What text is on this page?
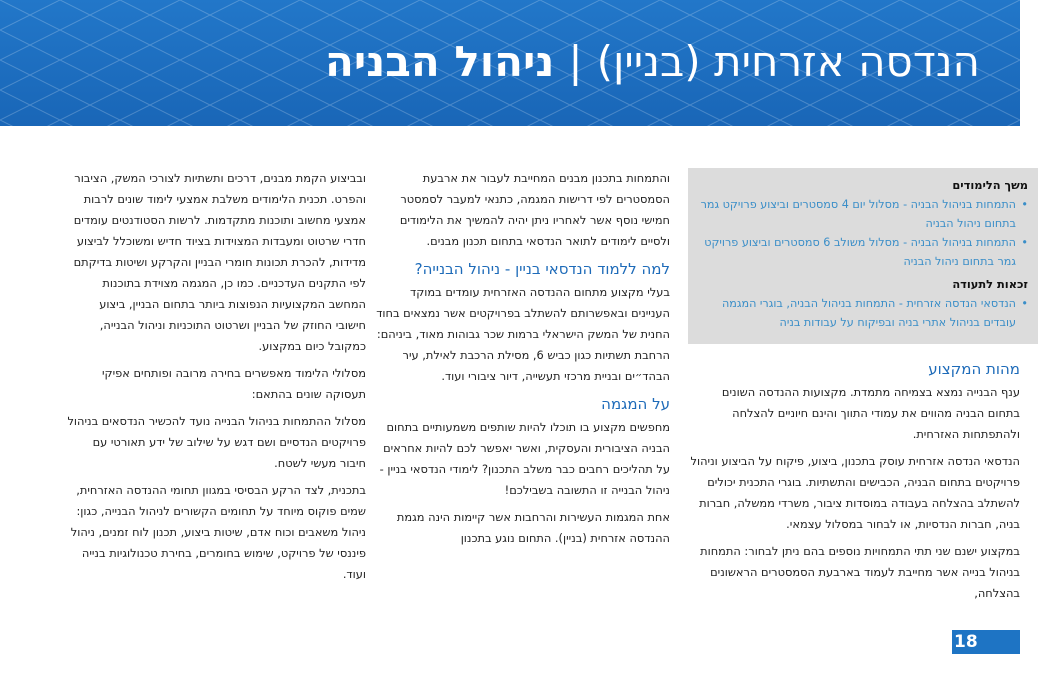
הנדסה אזרחית (בניין)|ניהול הבניה
משך הלימודים
• התמחות בניהול הבניה - מסלול יום 4 סמסטרים וביצוע פרויקט גמר בתחום ניהול הבניה
• התמחות בניהול הבניה - מסלול משולב 6 סמסטרים וביצוע פרויקט גמר בתחום ניהול הבניה
זכאות לתעודה
• הנדסאי הנדסה אזרחית - התמחות בניהול הבניה, בוגרי המגמה עובדים בניהול אתרי בניה ובפיקוח על עבודות בניה
מהות המקצוע

ענף הבנייה נמצא בצמיחה מתמדת. מקצועות ההנדסה השונים בתחום הבניה מהווים את עמודי התווך והינם חיוניים להצלחה ולהתפתחות האזרחית.

הנדסאי הנדסה אזרחית עוסק בתכנון, ביצוע, פיקוח על הביצוע וניהול פרויקטים בתחום הבניה, הכבישים והתשתיות. בוגרי התכנית יכולים להשתלב בהצלחה בעבודה במוסדות ציבור, משרדי ממשלה, חברות בניה, חברות הנדסיות, או לבחור במסלול עצמאי.

במקצוע ישנם שני תתי התמחויות נוספים בהם ניתן לבחור: התמחות בניהול בנייה אשר מחייבת לעמוד בארבעת הסמסטרים הראשונים בהצלחה,

והתמחות בתכנון מבנים המחייבת לעבור את ארבעת הסמסטרים לפי דרישות המגמה, כתנאי למעבר לסמסטר חמישי נוסף אשר לאחריו ניתן יהיה להמשיך את הלימודים ולסיים לימודים לתואר הנדסאי בתחום תכנון מבנים.

למה ללמוד הנדסאי בניין - ניהול הבנייה?

בעלי מקצוע מתחום ההנדסה האזרחית עומדים במוקד העניינים ובאפשרותם להשתלב בפרויקטים אשר נמצאים בחוד החנית של המשק הישראלי ברמות שכר גבוהות מאוד, ביניהם: הרחבת תשתיות כגון כביש 6, מסילת הרכבת לאילת, עיר הבהד״ים ובניית מרכזי תעשייה, דיור ציבורי ועוד.

על המגמה

מחפשים מקצוע בו תוכלו להיות שותפים משמעותיים בתחום הבניה הציבורית והעסקית, ואשר יאפשר לכם להיות אחראים על תהליכים רחבים כבר משלב התכנון? לימודי הנדסאי בניין - ניהול הבנייה זו התשובה בשבילכם!

אחת המגמות העשירות והרחבות אשר קיימות הינה מגמת ההנדסה אזרחית (בניין). התחום נוגע בתכנון

ובביצוע הקמת מבנים, דרכים ותשתיות לצורכי המשק, הציבור והפרט. תכנית הלימודים משלבת אמצעי לימוד שונים לרבות אמצעי מחשוב ותוכנות מתקדמות. לרשות הסטודנטים עומדים חדרי שרטוט ומעבדות המצוידות בציוד חדיש ומשוכלל לביצוע מדידות, להכרת תכונות חומרי הבניין והקרקע ושיטות בדיקתם לפי התקנים העדכניים. כמו כן, המגמה מצוידת בתוכנות המחשב המקצועיות הנפוצות ביותר בתחום הבניין, ביצוע חישובי החוזק של הבניין ושרטוט התוכניות וניהול הבנייה, כמקובל כיום במקצוע.

מסלולי הלימוד מאפשרים בחירה מרובה ופותחים אפיקי תעסוקה שונים בהתאם:

מסלול ההתמחות בניהול הבנייה נועד להכשיר הנדסאים בניהול פרויקטים הנדסיים ושם דגש על שילוב של ידע תאורטי עם חיבור מעשי לשטח.

בתכנית, לצד הרקע הבסיסי במגוון תחומי ההנדסה האזרחית, שמים פוקוס מיוחד על תחומים הקשורים לניהול הבנייה, כגון: ניהול משאבים וכוח אדם, שיטות ביצוע, תכנון לוח זמנים, ניהול פיננסי של פרויקט, שימוש בחומרים, בחירת טכנולוגיות בנייה ועוד.

18
